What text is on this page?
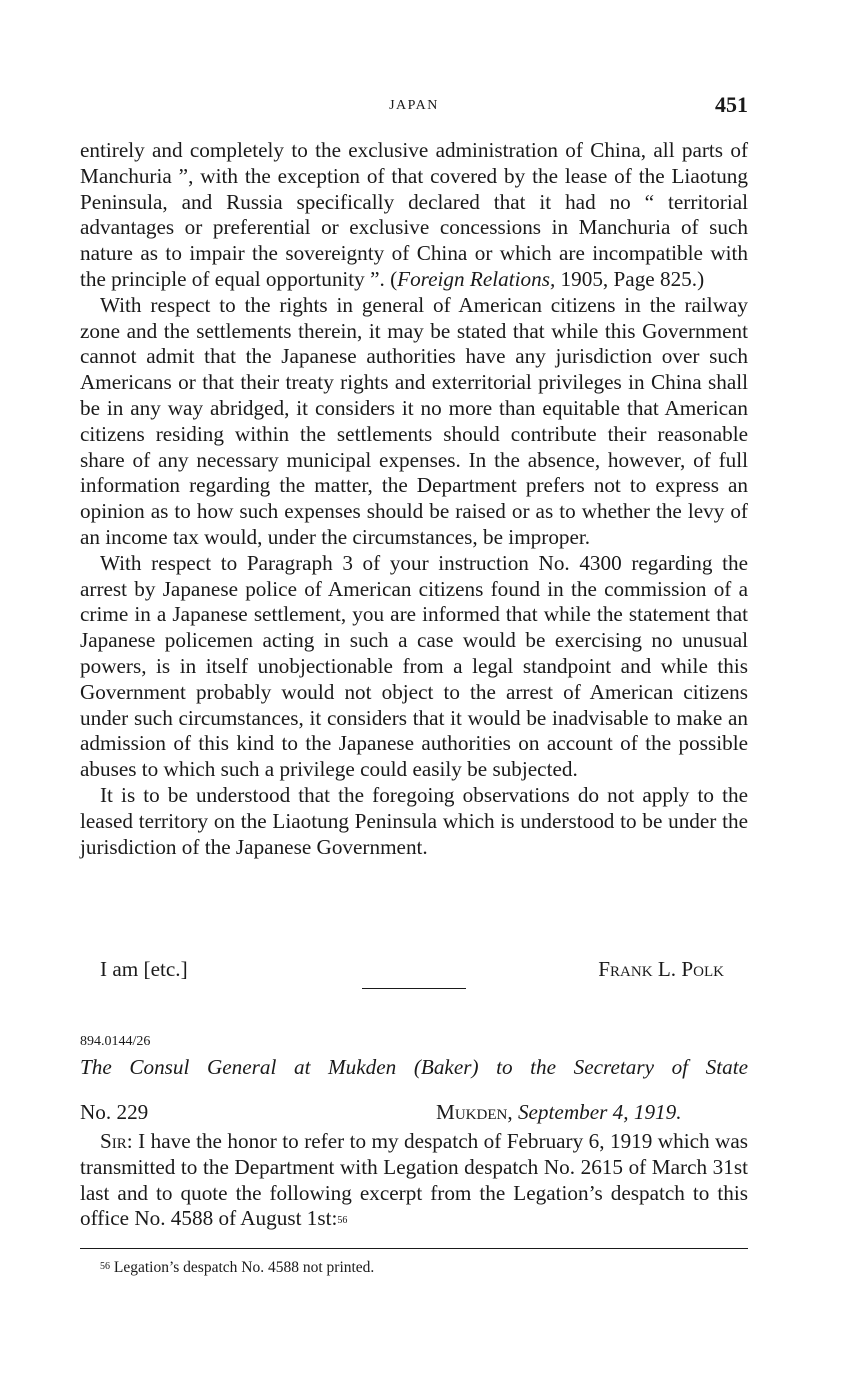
JAPAN	451

entirely and completely to the exclusive administration of China, all parts of Manchuria ”, with the exception of that covered by the lease of the Liaotung Peninsula, and Russia specifically declared that it had no “ territorial advantages or preferential or exclusive concessions in Manchuria of such nature as to impair the sovereignty of China or which are incompatible with the principle of equal opportunity ”. (Foreign Relations, 1905, Page 825.)

With respect to the rights in general of American citizens in the railway zone and the settlements therein, it may be stated that while this Government cannot admit that the Japanese authorities have any jurisdiction over such Americans or that their treaty rights and exterritorial privileges in China shall be in any way abridged, it considers it no more than equitable that American citizens residing within the settlements should contribute their reasonable share of any necessary municipal expenses. In the absence, however, of full information regarding the matter, the Department prefers not to express an opinion as to how such expenses should be raised or as to whether the levy of an income tax would, under the circumstances, be improper.

With respect to Paragraph 3 of your instruction No. 4300 regarding the arrest by Japanese police of American citizens found in the commission of a crime in a Japanese settlement, you are informed that while the statement that Japanese policemen acting in such a case would be exercising no unusual powers, is in itself unobjectionable from a legal standpoint and while this Government probably would not object to the arrest of American citizens under such circumstances, it considers that it would be inadvisable to make an admission of this kind to the Japanese authorities on account of the possible abuses to which such a privilege could easily be subjected.

It is to be understood that the foregoing observations do not apply to the leased territory on the Liaotung Peninsula which is understood to be under the jurisdiction of the Japanese Government.

I am [etc.]	Frank L. Polk
894.0144/26
The Consul General at Mukden (Baker) to the Secretary of State
No. 229	Mukden, September 4, 1919.

Sir: I have the honor to refer to my despatch of February 6, 1919 which was transmitted to the Department with Legation despatch No. 2615 of March 31st last and to quote the following excerpt from the Legation’s despatch to this office No. 4588 of August 1st:$^{56}$

$^{56}$ Legation’s despatch No. 4588 not printed.
